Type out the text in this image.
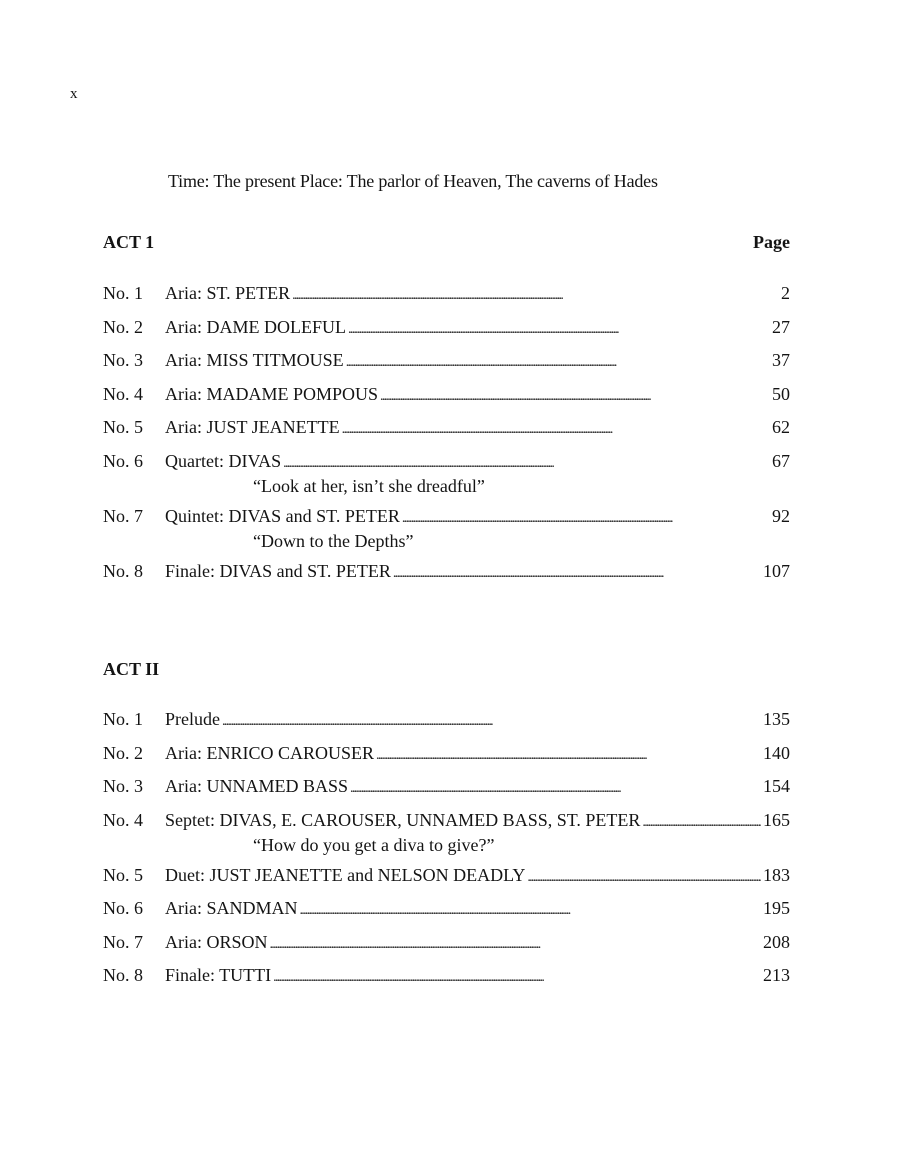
x
Time: The present Place: The parlor of Heaven, The caverns of Hades
ACT 1	Page
No. 1	Aria: ST. PETER . . .	2
No. 2	Aria: DAME DOLEFUL . . .	27
No. 3	Aria: MISS TITMOUSE . . .	37
No. 4	Aria: MADAME POMPOUS . . .	50
No. 5	Aria: JUST JEANETTE . . .	62
No. 6	Quartet: DIVAS . . .	67
“Look at her, isn’t she dreadful”
No. 7	Quintet: DIVAS and ST. PETER . . .	92
“Down to the Depths”
No. 8	Finale: DIVAS and ST. PETER . . .	107
ACT II
No. 1	Prelude . . .	135
No. 2	Aria: ENRICO CAROUSER . . .	140
No. 3	Aria: UNNAMED BASS . . .	154
No. 4	Septet: DIVAS, E. CAROUSER, UNNAMED BASS, ST. PETER . . .	165
“How do you get a diva to give?”
No. 5	Duet: JUST JEANETTE and NELSON DEADLY . . .	183
No. 6	Aria: SANDMAN . . .	195
No. 7	Aria: ORSON . . .	208
No. 8	Finale: TUTTI . . .	213
